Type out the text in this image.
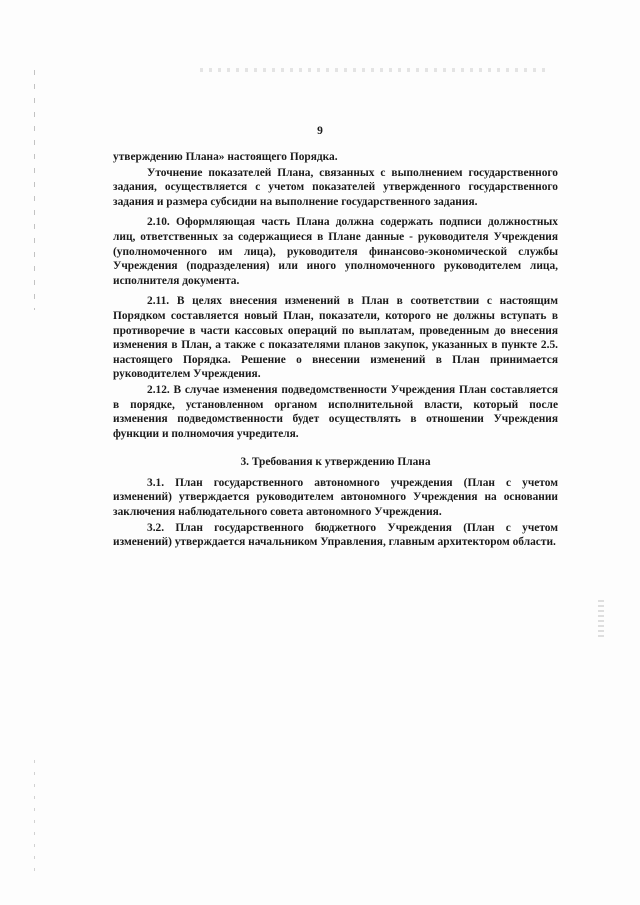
9

утверждению Плана» настоящего Порядка.

Уточнение показателей Плана, связанных с выполнением государственного задания, осуществляется с учетом показателей утвержденного государственного задания и размера субсидии на выполнение государственного задания.

2.10. Оформляющая часть Плана должна содержать подписи должностных лиц, ответственных за содержащиеся в Плане данные - руководителя Учреждения (уполномоченного им лица), руководителя финансово-экономической службы Учреждения (подразделения) или иного уполномоченного руководителем лица, исполнителя документа.

2.11. В целях внесения изменений в План в соответствии с настоящим Порядком составляется новый План, показатели, которого не должны вступать в противоречие в части кассовых операций по выплатам, проведенным до внесения изменения в План, а также с показателями планов закупок, указанных в пункте 2.5. настоящего Порядка. Решение о внесении изменений в План принимается руководителем Учреждения.

2.12. В случае изменения подведомственности Учреждения План составляется в порядке, установленном органом исполнительной власти, который после изменения подведомственности будет осуществлять в отношении Учреждения функции и полномочия учредителя.

3. Требования к утверждению Плана

3.1. План государственного автономного учреждения (План с учетом изменений) утверждается руководителем автономного Учреждения на основании заключения наблюдательного совета автономного Учреждения.

3.2. План государственного бюджетного Учреждения (План с учетом изменений) утверждается начальником Управления, главным архитектором области.
